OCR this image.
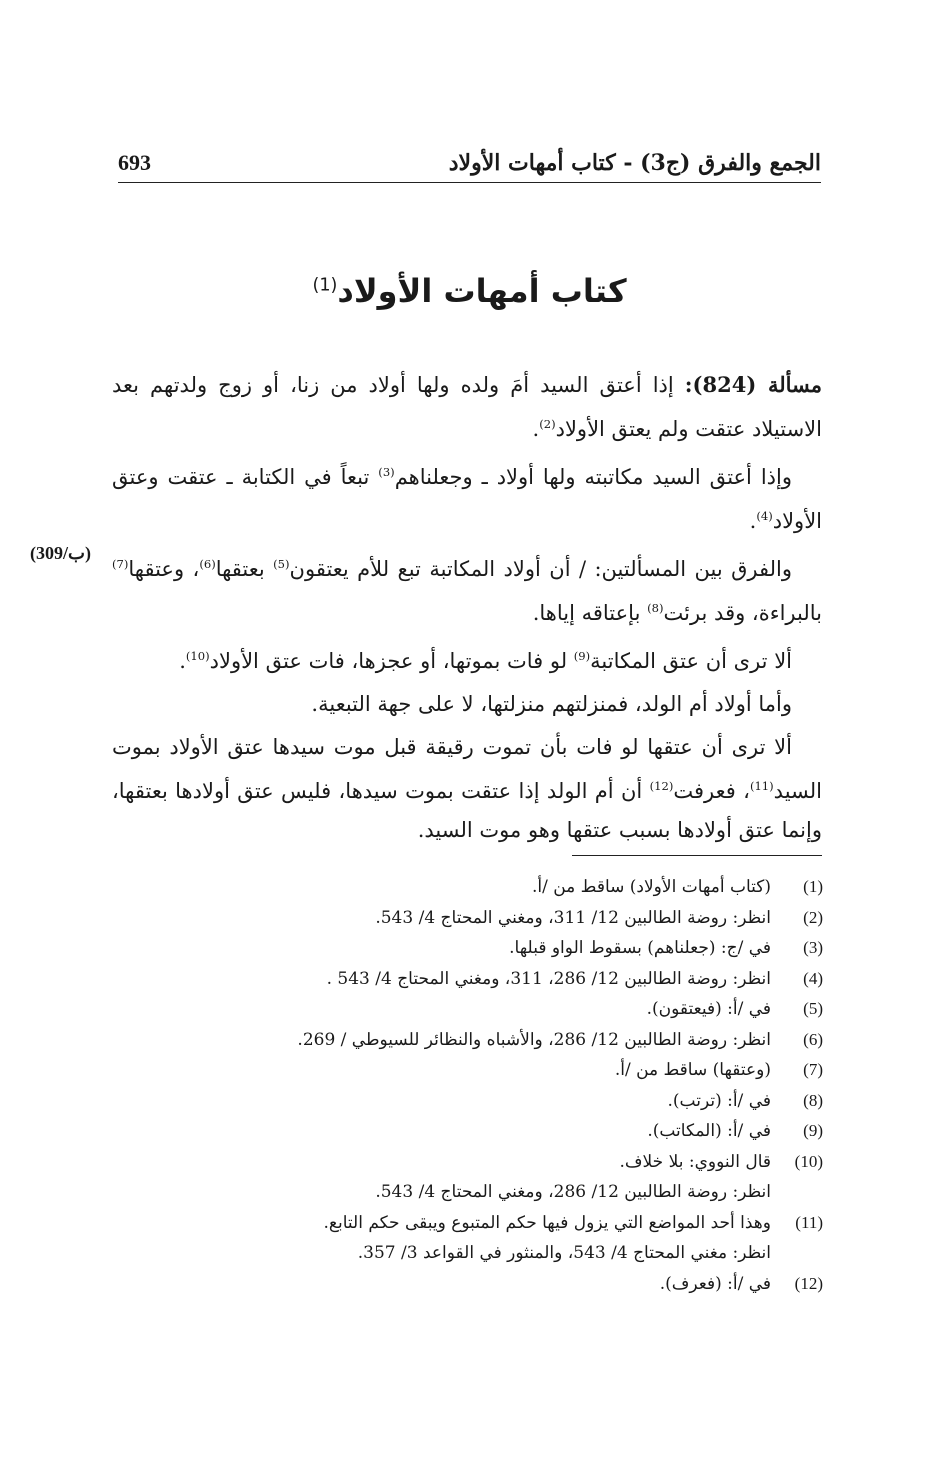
693	الجمع والفرق (ج3) - كتاب أمهات الأولاد
كتاب أمهات الأولاد$^{(1)}$
(309/ب)

مسألة (824): إذا أعتق السيد أمَ ولده ولها أولاد من زنا، أو زوج ولدتهم بعد الاستيلاد عتقت ولم يعتق الأولاد$^{(2)}$.

وإذا أعتق السيد مكاتبته ولها أولاد ـ وجعلناهم$^{(3)}$ تبعاً في الكتابة ـ عتقت وعتق الأولاد$^{(4)}$.

والفرق بين المسألتين: / أن أولاد المكاتبة تبع للأم يعتقون$^{(5)}$ بعتقها$^{(6)}$، وعتقها$^{(7)}$ بالبراءة، وقد برئت$^{(8)}$ بإعتاقه إياها.

ألا ترى أن عتق المكاتبة$^{(9)}$ لو فات بموتها، أو عجزها، فات عتق الأولاد$^{(10)}$.

وأما أولاد أم الولد، فمنزلتهم منزلتها، لا على جهة التبعية.

ألا ترى أن عتقها لو فات بأن تموت رقيقة قبل موت سيدها عتق الأولاد بموت السيد$^{(11)}$، فعرفت$^{(12)}$ أن أم الولد إذا عتقت بموت سيدها، فليس عتق أولادها بعتقها، وإنما عتق أولادها بسبب عتقها وهو موت السيد.

(1)
(كتاب أمهات الأولاد) ساقط من /أ.
(2)
انظر: روضة الطالبين 12/ 311، ومغني المحتاج 4/ 543.
(3)
في /ج: (جعلناهم) بسقوط الواو قبلها.
(4)
انظر: روضة الطالبين 12/ 286، 311، ومغني المحتاج 4/ 543 .
(5)
في /أ: (فيعتقون).
(6)
انظر: روضة الطالبين 12/ 286، والأشباه والنظائر للسيوطي / 269.
(7)
(وعتقها) ساقط من /أ.
(8)
في /أ: (ترتب).
(9)
في /أ: (المكاتب).
(10)
قال النووي: بلا خلاف.
انظر: روضة الطالبين 12/ 286، ومغني المحتاج 4/ 543.
(11)
وهذا أحد المواضع التي يزول فيها حكم المتبوع ويبقى حكم التابع.
انظر: مغني المحتاج 4/ 543، والمنثور في القواعد 3/ 357.
(12)
في /أ: (فعرف).
